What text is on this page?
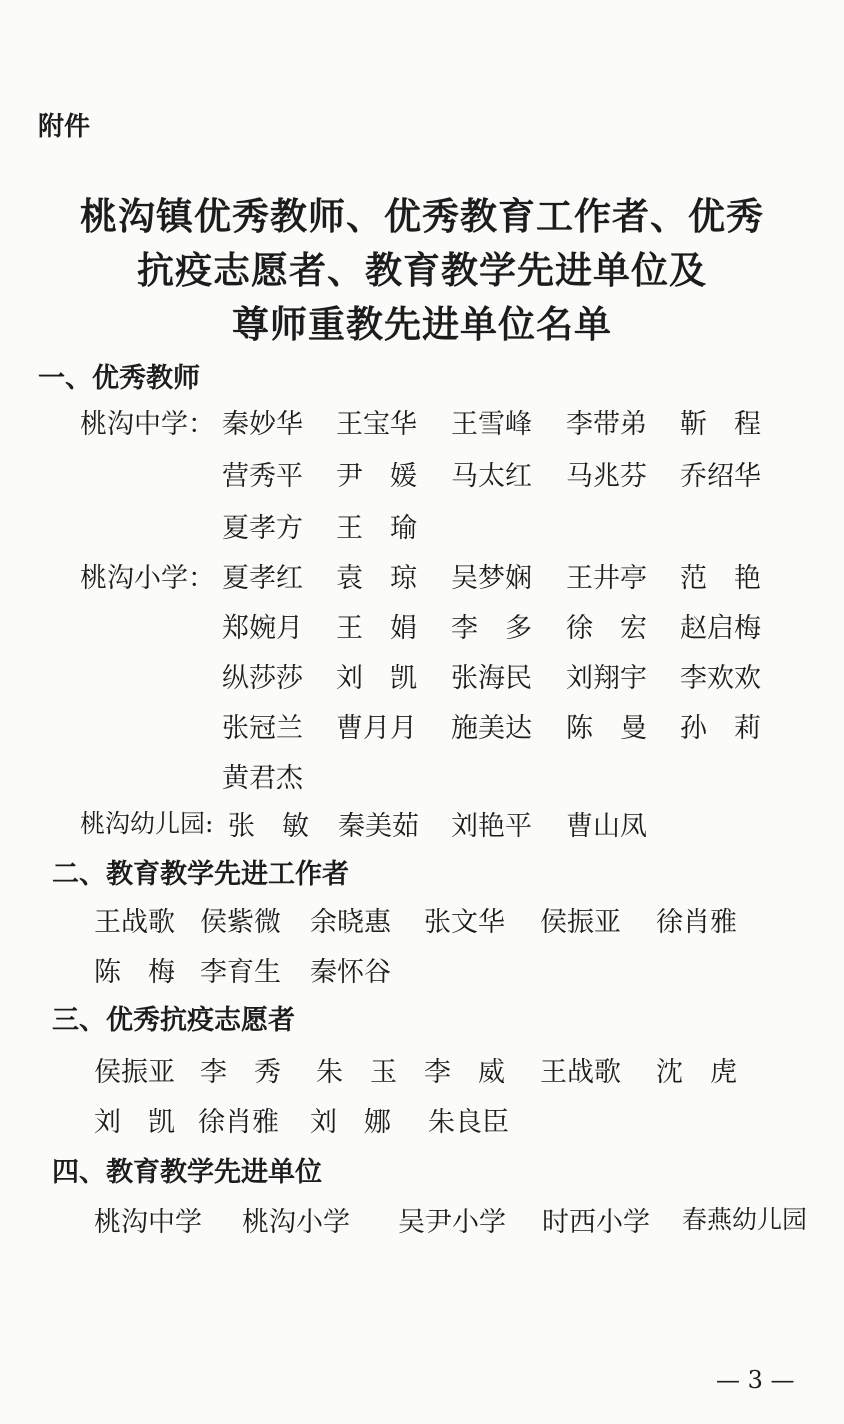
附件
桃沟镇优秀教师、优秀教育工作者、优秀
抗疫志愿者、教育教学先进单位及
尊师重教先进单位名单
一、优秀教师
桃沟中学： 秦妙华 王宝华 王雪峰 李带弟 靳　程
营秀平 尹　媛 马太红 马兆芬 乔绍华
夏孝方 王　瑜
桃沟小学： 夏孝红 袁　琼 吴梦娴 王井亭 范　艳
郑婉月 王　娟 李　多 徐　宏 赵启梅
纵莎莎 刘　凯 张海民 刘翔宇 李欢欢
张冠兰 曹月月 施美达 陈　曼 孙　莉
黄君杰
桃沟幼儿园: 张　敏 秦美茹 刘艳平 曹山凤
二、教育教学先进工作者
王战歌 侯紫微 余晓惠 张文华 侯振亚 徐肖雅
陈　梅 李育生 秦怀谷
三、优秀抗疫志愿者
侯振亚 李　秀 朱　玉 李　威 王战歌 沈　虎
刘　凯 徐肖雅 刘　娜 朱良臣
四、教育教学先进单位
桃沟中学 桃沟小学 吴尹小学 时西小学 春燕幼儿园
— 3 —
